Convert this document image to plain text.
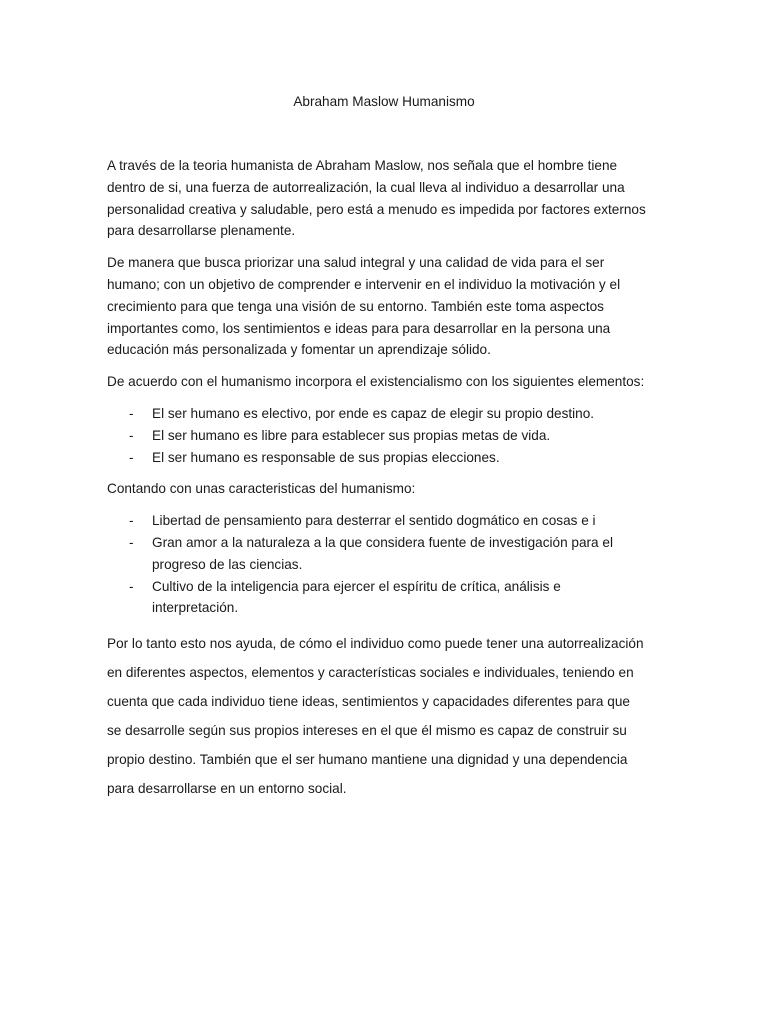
Abraham Maslow Humanismo

A través de la teoria humanista de Abraham Maslow, nos señala que el hombre tiene dentro de si, una fuerza de autorrealización, la cual lleva al individuo a desarrollar una personalidad creativa y saludable, pero está a menudo es impedida por factores externos para desarrollarse plenamente.

De manera que busca priorizar una salud integral y una calidad de vida para el ser humano; con un objetivo de comprender e intervenir en el individuo la motivación y el crecimiento para que tenga una visión de su entorno. También este toma aspectos importantes como, los sentimientos e ideas para para desarrollar en la persona una educación más personalizada y fomentar un aprendizaje sólido.

De acuerdo con el humanismo incorpora el existencialismo con los siguientes elementos:

- El ser humano es electivo, por ende es capaz de elegir su propio destino.
- El ser humano es libre para establecer sus propias metas de vida.
- El ser humano es responsable de sus propias elecciones.

Contando con unas caracteristicas del humanismo:

- Libertad de pensamiento para desterrar el sentido dogmático en cosas e i
- Gran amor a la naturaleza a la que considera fuente de investigación para el progreso de las ciencias.
- Cultivo de la inteligencia para ejercer el espíritu de crítica, análisis e interpretación.

Por lo tanto esto nos ayuda, de cómo el individuo como puede tener una autorrealización en diferentes aspectos, elementos y características sociales e individuales, teniendo en cuenta que cada individuo tiene ideas, sentimientos y capacidades diferentes para que se desarrolle según sus propios intereses en el que él mismo es capaz de construir su propio destino. También que el ser humano mantiene una dignidad y una dependencia para desarrollarse en un entorno social.
